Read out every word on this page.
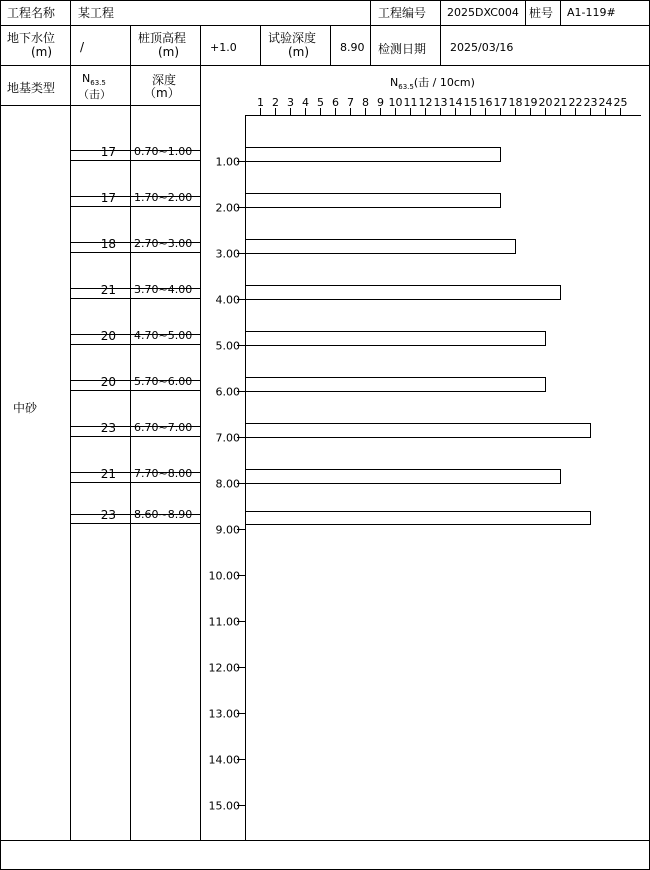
1 2 3 4 5 6 7 8 9 10 11 12 13 14 15 16 17 18 19 20 21 22 23 24 25
1.00
2.00
3.00
4.00
5.00
6.00
7.00
8.00
9.00
10.00
11.00
12.00
13.00
14.00
15.00
工程名称 某工程	工程编号 2025DXC004 桩号 A1-119#
地下水位
(m) /
桩顶高程
(m)	+1.0
试验深度
(m)	8.90 检测日期 2025/03/16
地基类型
$N_{63.5}$
（击）
深度
（m）
$N_{63.5}$(击 / 10cm)
中砂
17 0.70~1.00
17 1.70~2.00
18 2.70~3.00
21 3.70~4.00
20 4.70~5.00
20 5.70~6.00
23 6.70~7.00
21 7.70~8.00
23 8.60~8.90
